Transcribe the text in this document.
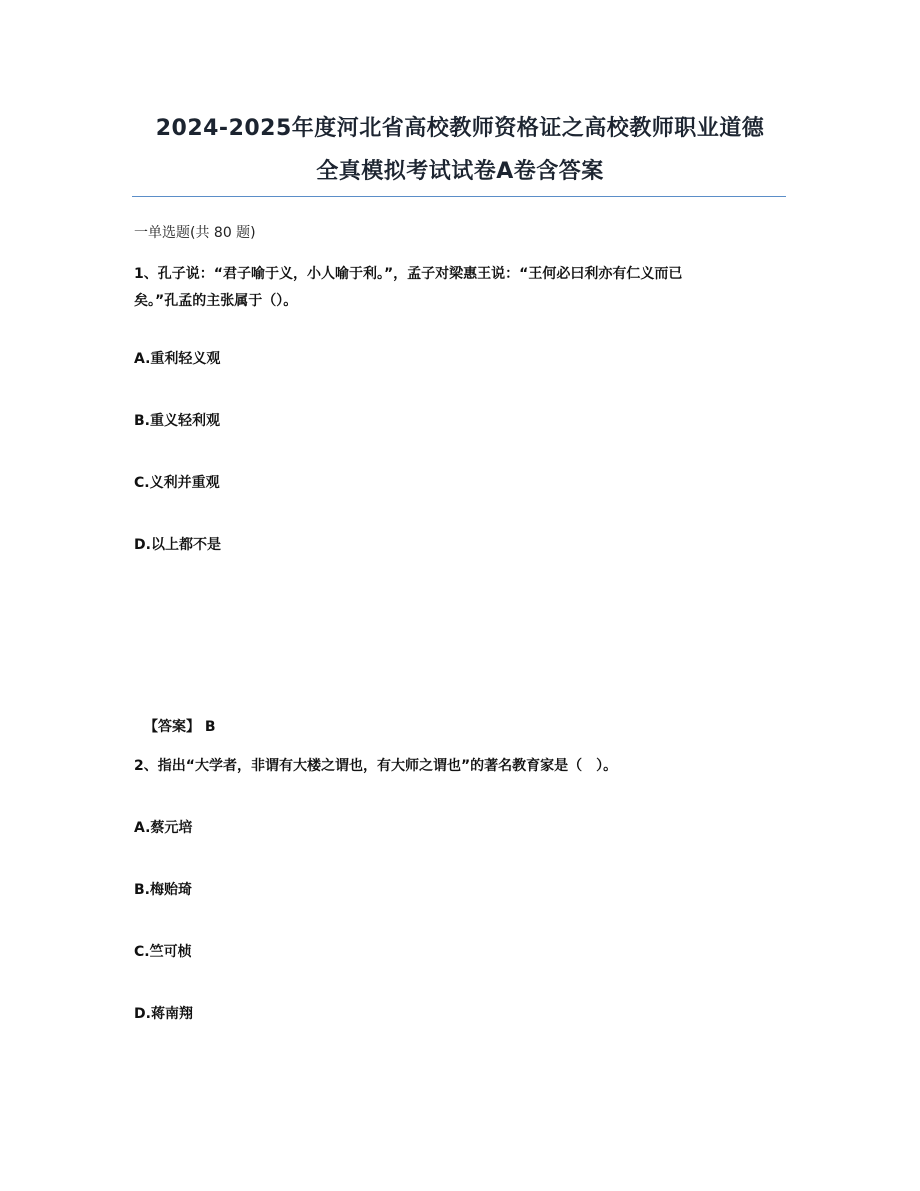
2024-2025年度河北省高校教师资格证之高校教师职业道德
全真模拟考试试卷A卷含答案
一单选题(共 80 题)
1、孔子说：“君子喻于义，小人喻于利。”，孟子对梁惠王说：“王何必曰利亦有仁义而已
矣。”孔孟的主张属于（）。
A.重利轻义观
B.重义轻利观
C.义利并重观
D.以上都不是
【答案】 B
2、指出“大学者，非谓有大楼之谓也，有大师之谓也”的著名教育家是（　）。
A.蔡元培
B.梅贻琦
C.竺可桢
D.蒋南翔
